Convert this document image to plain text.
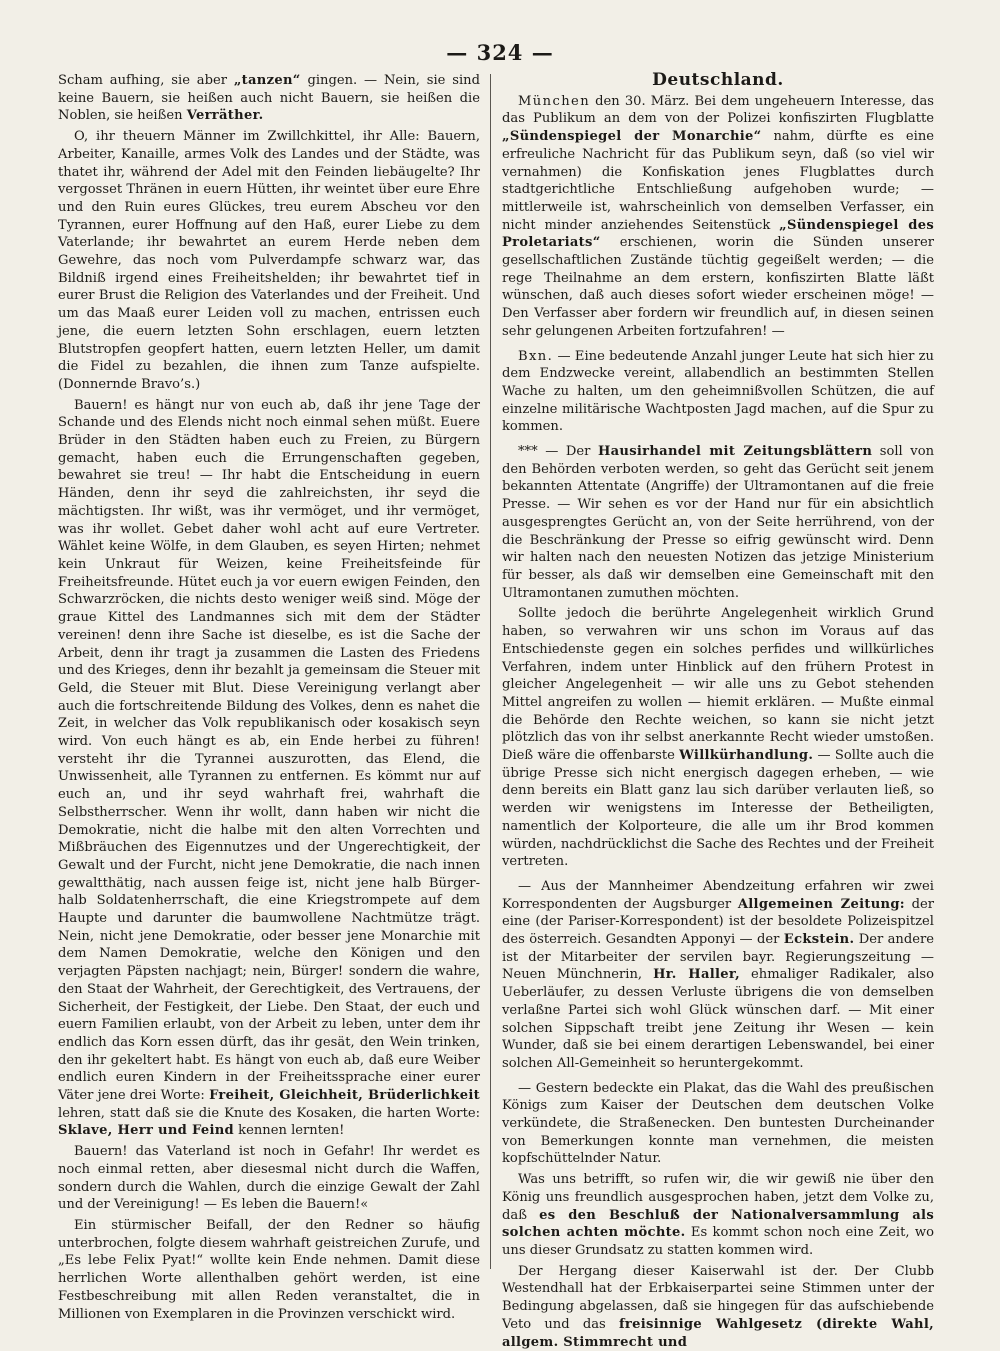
— 324 —

Scham aufhing, sie aber „tanzen“ gingen. — Nein, sie sind keine Bauern, sie heißen auch nicht Bauern, sie heißen die Noblen, sie heißen Verräther.

O, ihr theuern Männer im Zwillchkittel, ihr Alle: Bauern, Arbeiter, Kanaille, armes Volk des Landes und der Städte, was thatet ihr, während der Adel mit den Feinden liebäugelte? Ihr vergosset Thränen in euern Hütten, ihr weintet über eure Ehre und den Ruin eures Glückes, treu eurem Abscheu vor den Tyrannen, eurer Hoffnung auf den Haß, eurer Liebe zu dem Vaterlande; ihr bewahrtet an eurem Herde neben dem Gewehre, das noch vom Pulverdampfe schwarz war, das Bildniß irgend eines Freiheitshelden; ihr bewahrtet tief in eurer Brust die Religion des Vaterlandes und der Freiheit. Und um das Maaß eurer Leiden voll zu machen, entrissen euch jene, die euern letzten Sohn erschlagen, euern letzten Blutstropfen geopfert hatten, euern letzten Heller, um damit die Fidel zu bezahlen, die ihnen zum Tanze aufspielte. (Donnernde Bravo’s.)

Bauern! es hängt nur von euch ab, daß ihr jene Tage der Schande und des Elends nicht noch einmal sehen müßt. Euere Brüder in den Städten haben euch zu Freien, zu Bürgern gemacht, haben euch die Errungenschaften gegeben, bewahret sie treu! — Ihr habt die Entscheidung in euern Händen, denn ihr seyd die zahlreichsten, ihr seyd die mächtigsten. Ihr wißt, was ihr vermöget, und ihr vermöget, was ihr wollet. Gebet daher wohl acht auf eure Vertreter. Wählet keine Wölfe, in dem Glauben, es seyen Hirten; nehmet kein Unkraut für Weizen, keine Freiheitsfeinde für Freiheitsfreunde. Hütet euch ja vor euern ewigen Feinden, den Schwarzröcken, die nichts desto weniger weiß sind. Möge der graue Kittel des Landmannes sich mit dem der Städter vereinen! denn ihre Sache ist dieselbe, es ist die Sache der Arbeit, denn ihr tragt ja zusammen die Lasten des Friedens und des Krieges, denn ihr bezahlt ja gemeinsam die Steuer mit Geld, die Steuer mit Blut. Diese Vereinigung verlangt aber auch die fortschreitende Bildung des Volkes, denn es nahet die Zeit, in welcher das Volk republikanisch oder kosakisch seyn wird. Von euch hängt es ab, ein Ende herbei zu führen! versteht ihr die Tyrannei auszurotten, das Elend, die Unwissenheit, alle Tyrannen zu entfernen. Es kömmt nur auf euch an, und ihr seyd wahrhaft frei, wahrhaft die Selbstherrscher. Wenn ihr wollt, dann haben wir nicht die Demokratie, nicht die halbe mit den alten Vorrechten und Mißbräuchen des Eigennutzes und der Ungerechtigkeit, der Gewalt und der Furcht, nicht jene Demokratie, die nach innen gewaltthätig, nach aussen feige ist, nicht jene halb Bürger- halb Soldatenherrschaft, die eine Kriegstrompete auf dem Haupte und darunter die baumwollene Nachtmütze trägt. Nein, nicht jene Demokratie, oder besser jene Monarchie mit dem Namen Demokratie, welche den Königen und den verjagten Päpsten nachjagt; nein, Bürger! sondern die wahre, den Staat der Wahrheit, der Gerechtigkeit, des Vertrauens, der Sicherheit, der Festigkeit, der Liebe. Den Staat, der euch und euern Familien erlaubt, von der Arbeit zu leben, unter dem ihr endlich das Korn essen dürft, das ihr gesät, den Wein trinken, den ihr gekeltert habt. Es hängt von euch ab, daß eure Weiber endlich euren Kindern in der Freiheitssprache einer eurer Väter jene drei Worte: Freiheit, Gleichheit, Brüderlichkeit lehren, statt daß sie die Knute des Kosaken, die harten Worte: Sklave, Herr und Feind kennen lernten!

Bauern! das Vaterland ist noch in Gefahr! Ihr werdet es noch einmal retten, aber diesesmal nicht durch die Waffen, sondern durch die Wahlen, durch die einzige Gewalt der Zahl und der Vereinigung! — Es leben die Bauern!«

Ein stürmischer Beifall, der den Redner so häufig unterbrochen, folgte diesem wahrhaft geistreichen Zurufe, und „Es lebe Felix Pyat!“ wollte kein Ende nehmen. Damit diese herrlichen Worte allenthalben gehört werden, ist eine Festbeschreibung mit allen Reden veranstaltet, die in Millionen von Exemplaren in die Provinzen verschickt wird.

Deutschland.

München den 30. März. Bei dem ungeheuern Interesse, das das Publikum an dem von der Polizei konfiszirten Flugblatte „Sündenspiegel der Monarchie“ nahm, dürfte es eine erfreuliche Nachricht für das Publikum seyn, daß (so viel wir vernahmen) die Konfiskation jenes Flugblattes durch stadtgerichtliche Entschließung aufgehoben wurde; — mittlerweile ist, wahrscheinlich von demselben Verfasser, ein nicht minder anziehendes Seitenstück „Sündenspiegel des Proletariats“ erschienen, worin die Sünden unserer gesellschaftlichen Zustände tüchtig gegeißelt werden; — die rege Theilnahme an dem erstern, konfiszirten Blatte läßt wünschen, daß auch dieses sofort wieder erscheinen möge! — Den Verfasser aber fordern wir freundlich auf, in diesen seinen sehr gelungenen Arbeiten fortzufahren! —

Bxn. — Eine bedeutende Anzahl junger Leute hat sich hier zu dem Endzwecke vereint, allabendlich an bestimmten Stellen Wache zu halten, um den geheimnißvollen Schützen, die auf einzelne militärische Wachtposten Jagd machen, auf die Spur zu kommen.

*** — Der Hausirhandel mit Zeitungsblättern soll von den Behörden verboten werden, so geht das Gerücht seit jenem bekannten Attentate (Angriffe) der Ultramontanen auf die freie Presse. — Wir sehen es vor der Hand nur für ein absichtlich ausgesprengtes Gerücht an, von der Seite herrührend, von der die Beschränkung der Presse so eifrig gewünscht wird. Denn wir halten nach den neuesten Notizen das jetzige Ministerium für besser, als daß wir demselben eine Gemeinschaft mit den Ultramontanen zumuthen möchten.

Sollte jedoch die berührte Angelegenheit wirklich Grund haben, so verwahren wir uns schon im Voraus auf das Entschiedenste gegen ein solches perfides und willkürliches Verfahren, indem unter Hinblick auf den frühern Protest in gleicher Angelegenheit — wir alle uns zu Gebot stehenden Mittel angreifen zu wollen — hiemit erklären. — Mußte einmal die Behörde den Rechte weichen, so kann sie nicht jetzt plötzlich das von ihr selbst anerkannte Recht wieder umstoßen. Dieß wäre die offenbarste Willkürhandlung. — Sollte auch die übrige Presse sich nicht energisch dagegen erheben, — wie denn bereits ein Blatt ganz lau sich darüber verlauten ließ, so werden wir wenigstens im Interesse der Betheiligten, namentlich der Kolporteure, die alle um ihr Brod kommen würden, nachdrücklichst die Sache des Rechtes und der Freiheit vertreten.

— Aus der Mannheimer Abendzeitung erfahren wir zwei Korrespondenten der Augsburger Allgemeinen Zeitung: der eine (der Pariser-Korrespondent) ist der besoldete Polizeispitzel des österreich. Gesandten Apponyi — der Eckstein. Der andere ist der Mitarbeiter der servilen bayr. Regierungszeitung — Neuen Münchnerin, Hr. Haller, ehmaliger Radikaler, also Ueberläufer, zu dessen Verluste übrigens die von demselben verlaßne Partei sich wohl Glück wünschen darf. — Mit einer solchen Sippschaft treibt jene Zeitung ihr Wesen — kein Wunder, daß sie bei einem derartigen Lebenswandel, bei einer solchen All-Gemeinheit so heruntergekommt.

— Gestern bedeckte ein Plakat, das die Wahl des preußischen Königs zum Kaiser der Deutschen dem deutschen Volke verkündete, die Straßenecken. Den buntesten Durcheinander von Bemerkungen konnte man vernehmen, die meisten kopfschüttelnder Natur.

Was uns betrifft, so rufen wir, die wir gewiß nie über den König uns freundlich ausgesprochen haben, jetzt dem Volke zu, daß es den Beschluß der Nationalversammlung als solchen achten möchte. Es kommt schon noch eine Zeit, wo uns dieser Grundsatz zu statten kommen wird.

Der Hergang dieser Kaiserwahl ist der. Der Clubb Westendhall hat der Erbkaiserpartei seine Stimmen unter der Bedingung abgelassen, daß sie hingegen für das aufschiebende Veto und das freisinnige Wahlgesetz (direkte Wahl, allgem. Stimmrecht und
